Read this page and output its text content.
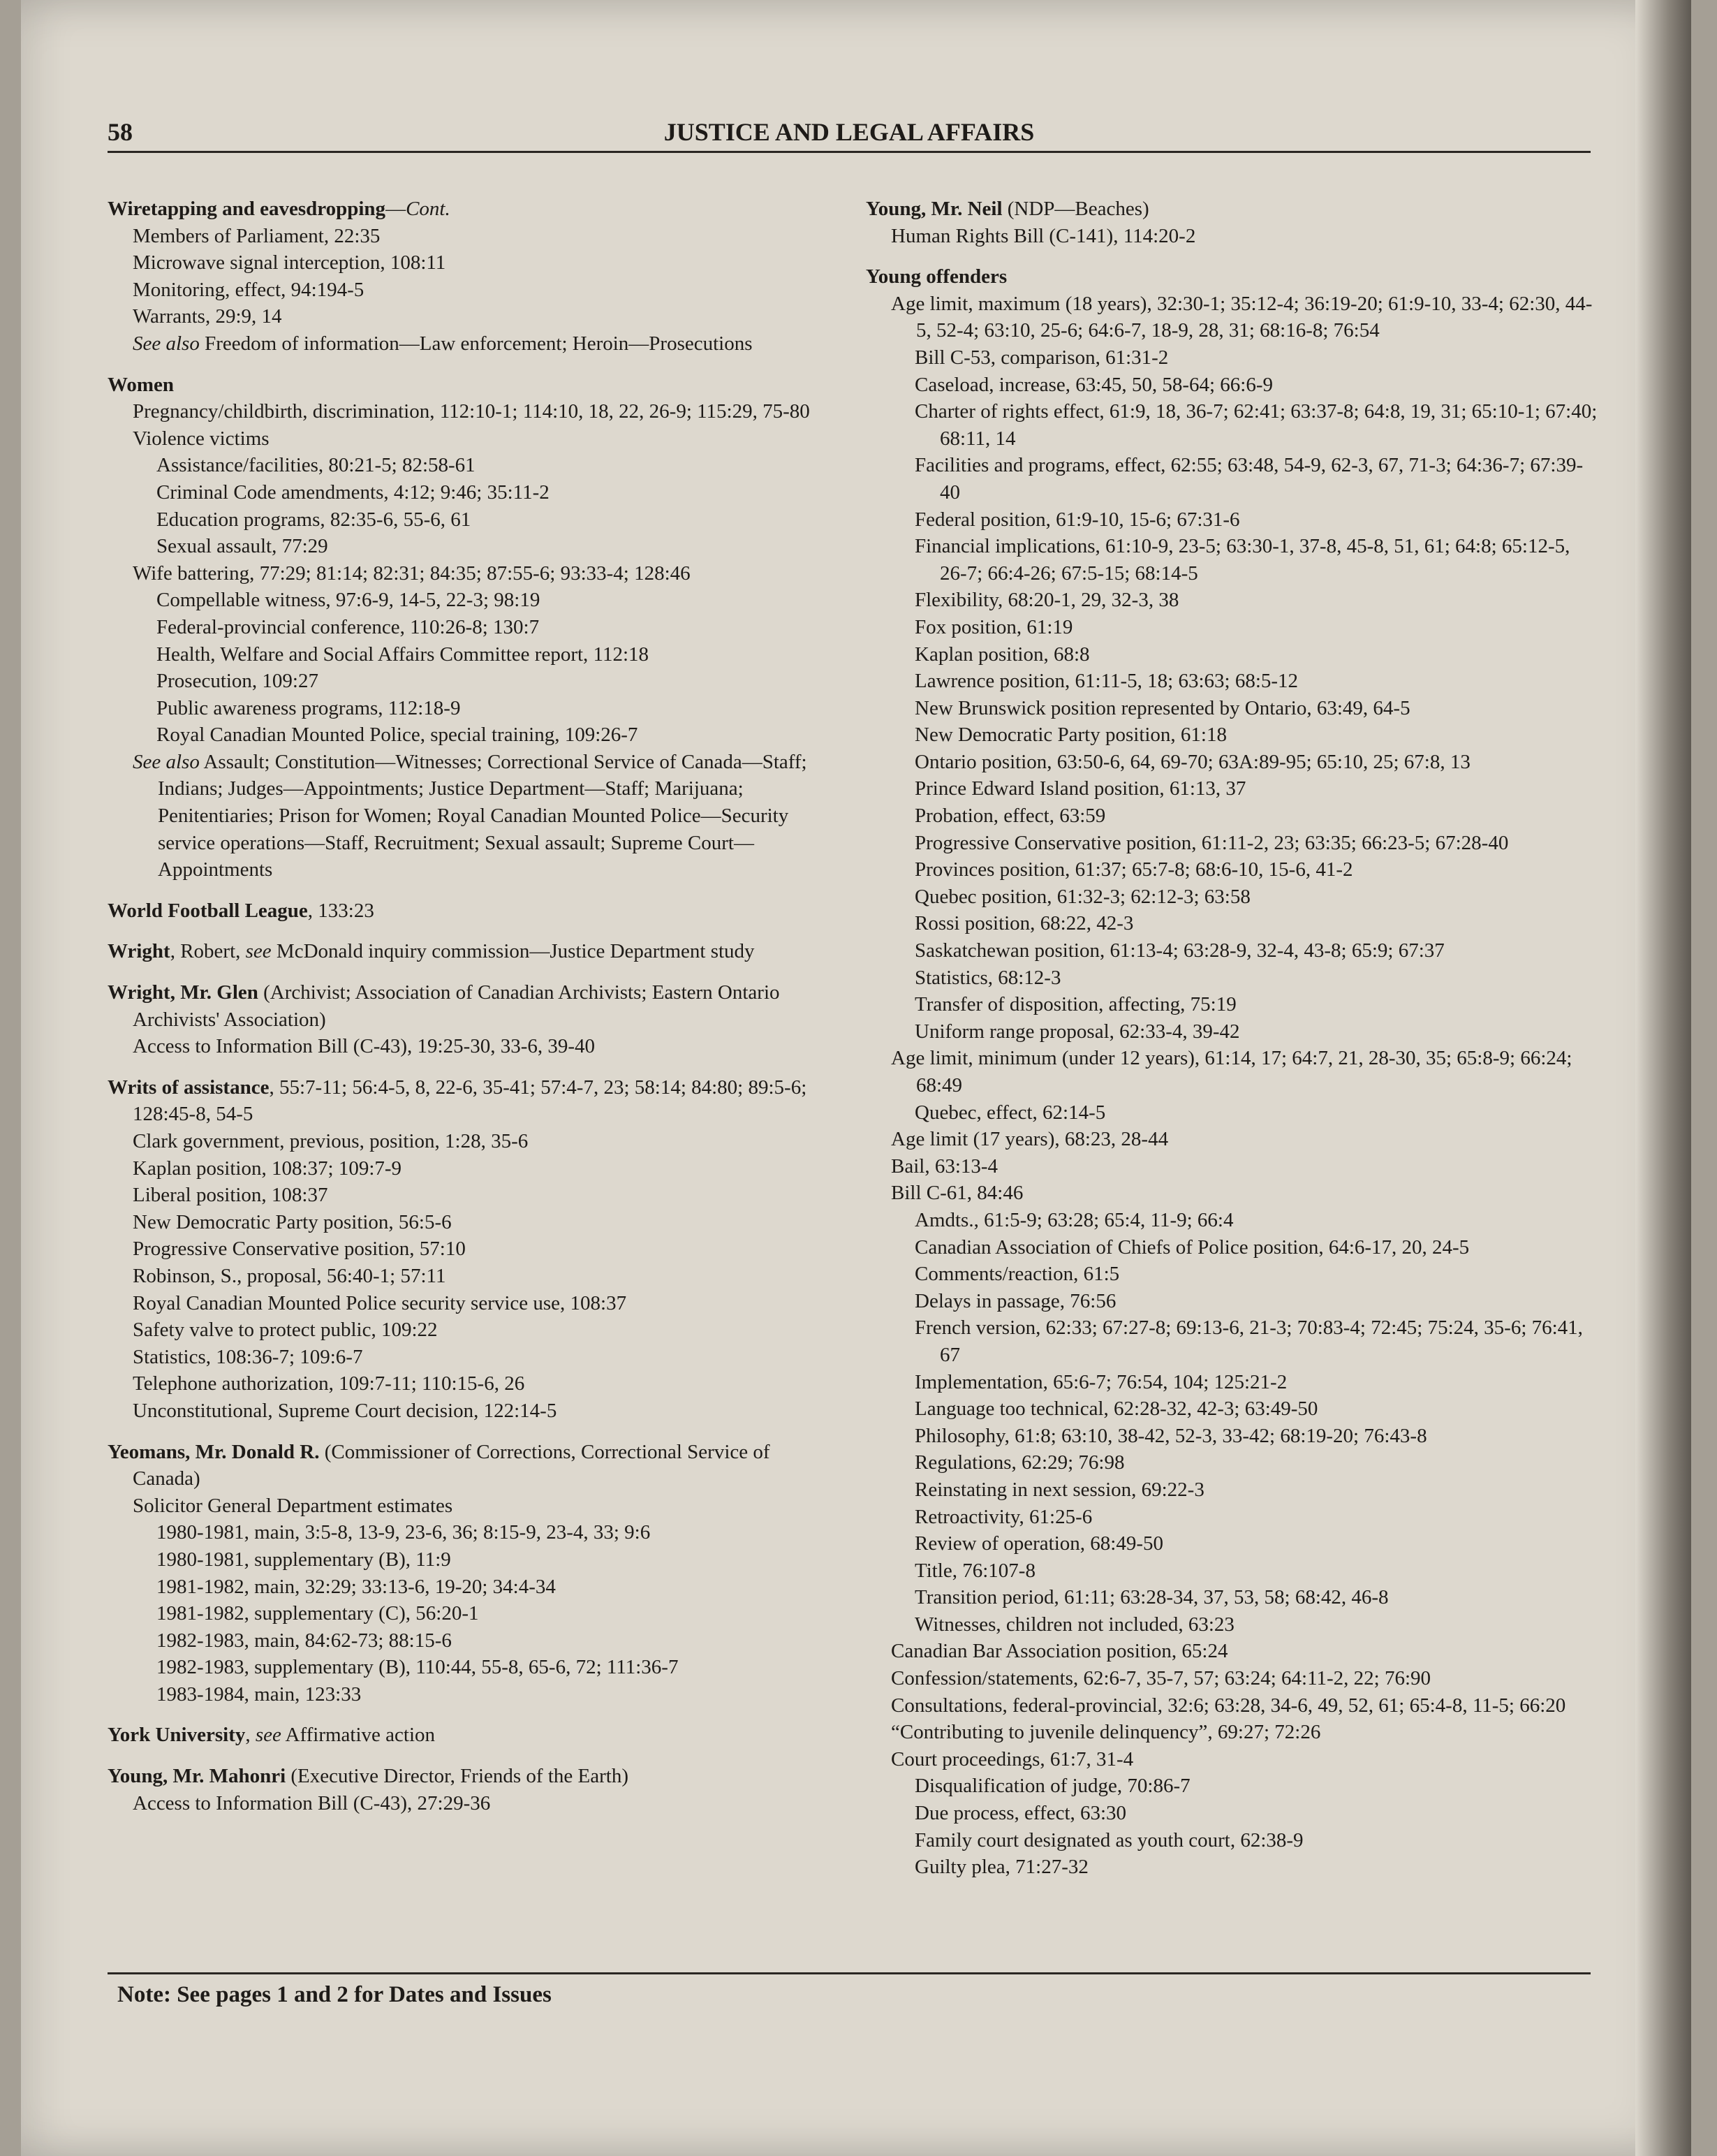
58	JUSTICE AND LEGAL AFFAIRS
Wiretapping and eavesdropping—Cont.
Members of Parliament, 22:35
Microwave signal interception, 108:11
Monitoring, effect, 94:194-5
Warrants, 29:9, 14
See also Freedom of information—Law enforcement; Heroin—Prosecutions
Women
Pregnancy/childbirth, discrimination, 112:10-1; 114:10, 18, 22, 26-9; 115:29, 75-80
Violence victims
Assistance/facilities, 80:21-5; 82:58-61
Criminal Code amendments, 4:12; 9:46; 35:11-2
Education programs, 82:35-6, 55-6, 61
Sexual assault, 77:29
Wife battering, 77:29; 81:14; 82:31; 84:35; 87:55-6; 93:33-4; 128:46
Compellable witness, 97:6-9, 14-5, 22-3; 98:19
Federal-provincial conference, 110:26-8; 130:7
Health, Welfare and Social Affairs Committee report, 112:18
Prosecution, 109:27
Public awareness programs, 112:18-9
Royal Canadian Mounted Police, special training, 109:26-7
See also Assault; Constitution—Witnesses; Correctional Service of Canada—Staff; Indians; Judges—Appointments; Justice Department—Staff; Marijuana; Penitentiaries; Prison for Women; Royal Canadian Mounted Police—Security service operations—Staff, Recruitment; Sexual assault; Supreme Court—Appointments
World Football League, 133:23
Wright, Robert, see McDonald inquiry commission—Justice Department study
Wright, Mr. Glen (Archivist; Association of Canadian Archivists; Eastern Ontario Archivists' Association)
Access to Information Bill (C-43), 19:25-30, 33-6, 39-40
Writs of assistance, 55:7-11; 56:4-5, 8, 22-6, 35-41; 57:4-7, 23; 58:14; 84:80; 89:5-6; 128:45-8, 54-5
Clark government, previous, position, 1:28, 35-6
Kaplan position, 108:37; 109:7-9
Liberal position, 108:37
New Democratic Party position, 56:5-6
Progressive Conservative position, 57:10
Robinson, S., proposal, 56:40-1; 57:11
Royal Canadian Mounted Police security service use, 108:37
Safety valve to protect public, 109:22
Statistics, 108:36-7; 109:6-7
Telephone authorization, 109:7-11; 110:15-6, 26
Unconstitutional, Supreme Court decision, 122:14-5
Yeomans, Mr. Donald R. (Commissioner of Corrections, Correctional Service of Canada)
Solicitor General Department estimates
1980-1981, main, 3:5-8, 13-9, 23-6, 36; 8:15-9, 23-4, 33; 9:6
1980-1981, supplementary (B), 11:9
1981-1982, main, 32:29; 33:13-6, 19-20; 34:4-34
1981-1982, supplementary (C), 56:20-1
1982-1983, main, 84:62-73; 88:15-6
1982-1983, supplementary (B), 110:44, 55-8, 65-6, 72; 111:36-7
1983-1984, main, 123:33
York University, see Affirmative action
Young, Mr. Mahonri (Executive Director, Friends of the Earth)
Access to Information Bill (C-43), 27:29-36
Young, Mr. Neil (NDP—Beaches)
Human Rights Bill (C-141), 114:20-2
Young offenders
Age limit, maximum (18 years), 32:30-1; 35:12-4; 36:19-20; 61:9-10, 33-4; 62:30, 44-5, 52-4; 63:10, 25-6; 64:6-7, 18-9, 28, 31; 68:16-8; 76:54
Bill C-53, comparison, 61:31-2
Caseload, increase, 63:45, 50, 58-64; 66:6-9
Charter of rights effect, 61:9, 18, 36-7; 62:41; 63:37-8; 64:8, 19, 31; 65:10-1; 67:40; 68:11, 14
Facilities and programs, effect, 62:55; 63:48, 54-9, 62-3, 67, 71-3; 64:36-7; 67:39-40
Federal position, 61:9-10, 15-6; 67:31-6
Financial implications, 61:10-9, 23-5; 63:30-1, 37-8, 45-8, 51, 61; 64:8; 65:12-5, 26-7; 66:4-26; 67:5-15; 68:14-5
Flexibility, 68:20-1, 29, 32-3, 38
Fox position, 61:19
Kaplan position, 68:8
Lawrence position, 61:11-5, 18; 63:63; 68:5-12
New Brunswick position represented by Ontario, 63:49, 64-5
New Democratic Party position, 61:18
Ontario position, 63:50-6, 64, 69-70; 63A:89-95; 65:10, 25; 67:8, 13
Prince Edward Island position, 61:13, 37
Probation, effect, 63:59
Progressive Conservative position, 61:11-2, 23; 63:35; 66:23-5; 67:28-40
Provinces position, 61:37; 65:7-8; 68:6-10, 15-6, 41-2
Quebec position, 61:32-3; 62:12-3; 63:58
Rossi position, 68:22, 42-3
Saskatchewan position, 61:13-4; 63:28-9, 32-4, 43-8; 65:9; 67:37
Statistics, 68:12-3
Transfer of disposition, affecting, 75:19
Uniform range proposal, 62:33-4, 39-42
Age limit, minimum (under 12 years), 61:14, 17; 64:7, 21, 28-30, 35; 65:8-9; 66:24; 68:49
Quebec, effect, 62:14-5
Age limit (17 years), 68:23, 28-44
Bail, 63:13-4
Bill C-61, 84:46
Amdts., 61:5-9; 63:28; 65:4, 11-9; 66:4
Canadian Association of Chiefs of Police position, 64:6-17, 20, 24-5
Comments/reaction, 61:5
Delays in passage, 76:56
French version, 62:33; 67:27-8; 69:13-6, 21-3; 70:83-4; 72:45; 75:24, 35-6; 76:41, 67
Implementation, 65:6-7; 76:54, 104; 125:21-2
Language too technical, 62:28-32, 42-3; 63:49-50
Philosophy, 61:8; 63:10, 38-42, 52-3, 33-42; 68:19-20; 76:43-8
Regulations, 62:29; 76:98
Reinstating in next session, 69:22-3
Retroactivity, 61:25-6
Review of operation, 68:49-50
Title, 76:107-8
Transition period, 61:11; 63:28-34, 37, 53, 58; 68:42, 46-8
Witnesses, children not included, 63:23
Canadian Bar Association position, 65:24
Confession/statements, 62:6-7, 35-7, 57; 63:24; 64:11-2, 22; 76:90
Consultations, federal-provincial, 32:6; 63:28, 34-6, 49, 52, 61; 65:4-8, 11-5; 66:20
“Contributing to juvenile delinquency”, 69:27; 72:26
Court proceedings, 61:7, 31-4
Disqualification of judge, 70:86-7
Due process, effect, 63:30
Family court designated as youth court, 62:38-9
Guilty plea, 71:27-32
Note: See pages 1 and 2 for Dates and Issues
